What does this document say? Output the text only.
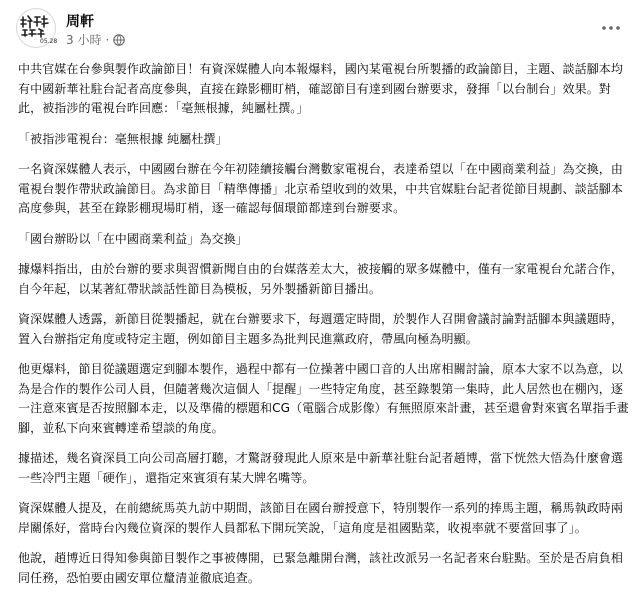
05.28
周軒
3 小時 ·

中共官媒在台參與製作政論節目！有資深媒體人向本報爆料，國內某電視台所製播的政論節目，主題、談話腳本均有中國新華社駐台記者高度參與，直接在錄影棚盯梢，確認節目有達到國台辦要求，發揮「以台制台」效果。對此，被指涉的電視台昨回應：「毫無根據，純屬杜撰。」

「被指涉電視台：毫無根據 純屬杜撰」

一名資深媒體人表示，中國國台辦在今年初陸續接觸台灣數家電視台，表達希望以「在中國商業利益」為交換，由電視台製作帶狀政論節目。為求節目「精準傳播」北京希望收到的效果，中共官媒駐台記者從節目規劃、談話腳本高度參與，甚至在錄影棚現場盯梢，逐一確認每個環節都達到台辦要求。

「國台辦盼以「在中國商業利益」為交換」

據爆料指出，由於台辦的要求與習慣新聞自由的台媒落差太大，被接觸的眾多媒體中，僅有一家電視台允諾合作，自今年起，以某著紅帶狀談話性節目為模板，另外製播新節目播出。

資深媒體人透露，新節目從製播起，就在台辦要求下，每週選定時間，於製作人召開會議討論對話腳本與議題時，置入台辦指定角度或特定主題，例如節目主題多為批判民進黨政府，帶風向極為明顯。

他更爆料，節目從議題選定到腳本製作，過程中都有一位操著中國口音的人出席相關討論，原本大家不以為意，以為是合作的製作公司人員，但隨著幾次這個人「提醒」一些特定角度，甚至錄製第一集時，此人居然也在棚內，逐一注意來賓是否按照腳本走，以及準備的標題和CG（電腦合成影像）有無照原來計畫，甚至還會對來賓名單指手畫腳，並私下向來賓轉達希望談的角度。

據描述，幾名資深員工向公司高層打聽，才驚訝發現此人原來是中新華社駐台記者趙博，當下恍然大悟為什麼會選一些冷門主題「硬作」，還指定來賓須有某大牌名嘴等。

資深媒體人提及，在前總統馬英九訪中期間，該節目在國台辦授意下，特別製作一系列的捧馬主題，稱馬執政時兩岸關係好，當時台內幾位資深的製作人員都私下開玩笑說，「這角度是祖國點菜，收視率就不要當回事了」。

他說，趙博近日得知參與節目製作之事被傳開，已緊急離開台灣，該社改派另一名記者來台駐點。至於是否肩負相同任務，恐怕要由國安單位釐清並徹底追查。
